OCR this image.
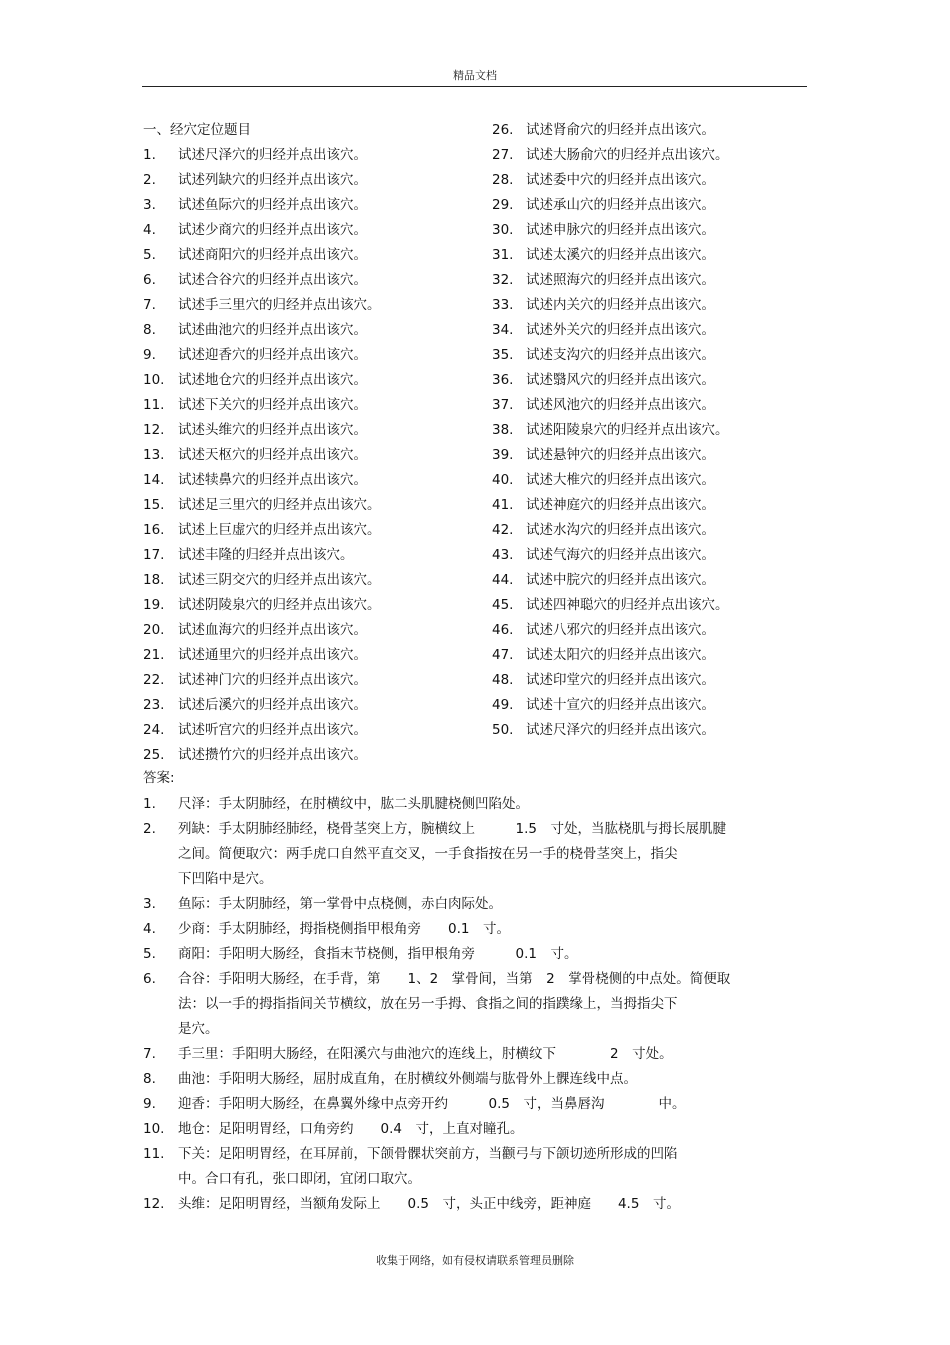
精品文档
一、经穴定位题目
1. 试述尺泽穴的归经并点出该穴。
2. 试述列缺穴的归经并点出该穴。
3. 试述鱼际穴的归经并点出该穴。
4. 试述少商穴的归经并点出该穴。
5. 试述商阳穴的归经并点出该穴。
6. 试述合谷穴的归经并点出该穴。
7. 试述手三里穴的归经并点出该穴。
8. 试述曲池穴的归经并点出该穴。
9. 试述迎香穴的归经并点出该穴。
10. 试述地仓穴的归经并点出该穴。
11. 试述下关穴的归经并点出该穴。
12. 试述头维穴的归经并点出该穴。
13. 试述天枢穴的归经并点出该穴。
14. 试述犊鼻穴的归经并点出该穴。
15. 试述足三里穴的归经并点出该穴。
16. 试述上巨虚穴的归经并点出该穴。
17. 试述丰隆的归经并点出该穴。
18. 试述三阴交穴的归经并点出该穴。
19. 试述阴陵泉穴的归经并点出该穴。
20. 试述血海穴的归经并点出该穴。
21. 试述通里穴的归经并点出该穴。
22. 试述神门穴的归经并点出该穴。
23. 试述后溪穴的归经并点出该穴。
24. 试述听宫穴的归经并点出该穴。
25. 试述攒竹穴的归经并点出该穴。
26. 试述肾俞穴的归经并点出该穴。
27. 试述大肠俞穴的归经并点出该穴。
28. 试述委中穴的归经并点出该穴。
29. 试述承山穴的归经并点出该穴。
30. 试述申脉穴的归经并点出该穴。
31. 试述太溪穴的归经并点出该穴。
32. 试述照海穴的归经并点出该穴。
33. 试述内关穴的归经并点出该穴。
34. 试述外关穴的归经并点出该穴。
35. 试述支沟穴的归经并点出该穴。
36. 试述翳风穴的归经并点出该穴。
37. 试述风池穴的归经并点出该穴。
38. 试述阳陵泉穴的归经并点出该穴。
39. 试述悬钟穴的归经并点出该穴。
40. 试述大椎穴的归经并点出该穴。
41. 试述神庭穴的归经并点出该穴。
42. 试述水沟穴的归经并点出该穴。
43. 试述气海穴的归经并点出该穴。
44. 试述中脘穴的归经并点出该穴。
45. 试述四神聪穴的归经并点出该穴。
46. 试述八邪穴的归经并点出该穴。
47. 试述太阳穴的归经并点出该穴。
48. 试述印堂穴的归经并点出该穴。
49. 试述十宣穴的归经并点出该穴。
50. 试述尺泽穴的归经并点出该穴。
答案:
1.	尺泽：手太阴肺经，在肘横纹中，肱二头肌腱桡侧凹陷处。
2.	列缺：手太阴肺经肺经，桡骨茎突上方，腕横纹上　　　1.5　寸处，当肱桡肌与拇长展肌腱
之间。简便取穴：两手虎口自然平直交叉，一手食指按在另一手的桡骨茎突上，指尖
下凹陷中是穴。
3.	鱼际：手太阴肺经，第一掌骨中点桡侧，赤白肉际处。
4.	少商：手太阴肺经，拇指桡侧指甲根角旁　　0.1　寸。
5.	商阳：手阳明大肠经，食指末节桡侧，指甲根角旁　　　0.1　寸。
6.	合谷：手阳明大肠经，在手背，第　　1、2　掌骨间，当第　2　掌骨桡侧的中点处。简便取
法：以一手的拇指指间关节横纹，放在另一手拇、食指之间的指蹼缘上，当拇指尖下
是穴。
7.	手三里：手阳明大肠经，在阳溪穴与曲池穴的连线上，肘横纹下　　　　2　寸处。
8.	曲池：手阳明大肠经，屈肘成直角，在肘横纹外侧端与肱骨外上髁连线中点。
9.	迎香：手阳明大肠经，在鼻翼外缘中点旁开约　　　0.5　寸，当鼻唇沟　　　　中。
10.	地仓：足阳明胃经，口角旁约　　0.4　寸，上直对瞳孔。
11.	下关：足阳明胃经，在耳屏前，下颌骨髁状突前方，当颧弓与下颌切迹所形成的凹陷
中。合口有孔，张口即闭，宜闭口取穴。
12.	头维：足阳明胃经，当额角发际上　　0.5　寸，头正中线旁，距神庭　　4.5　寸。
收集于网络，如有侵权请联系管理员删除
